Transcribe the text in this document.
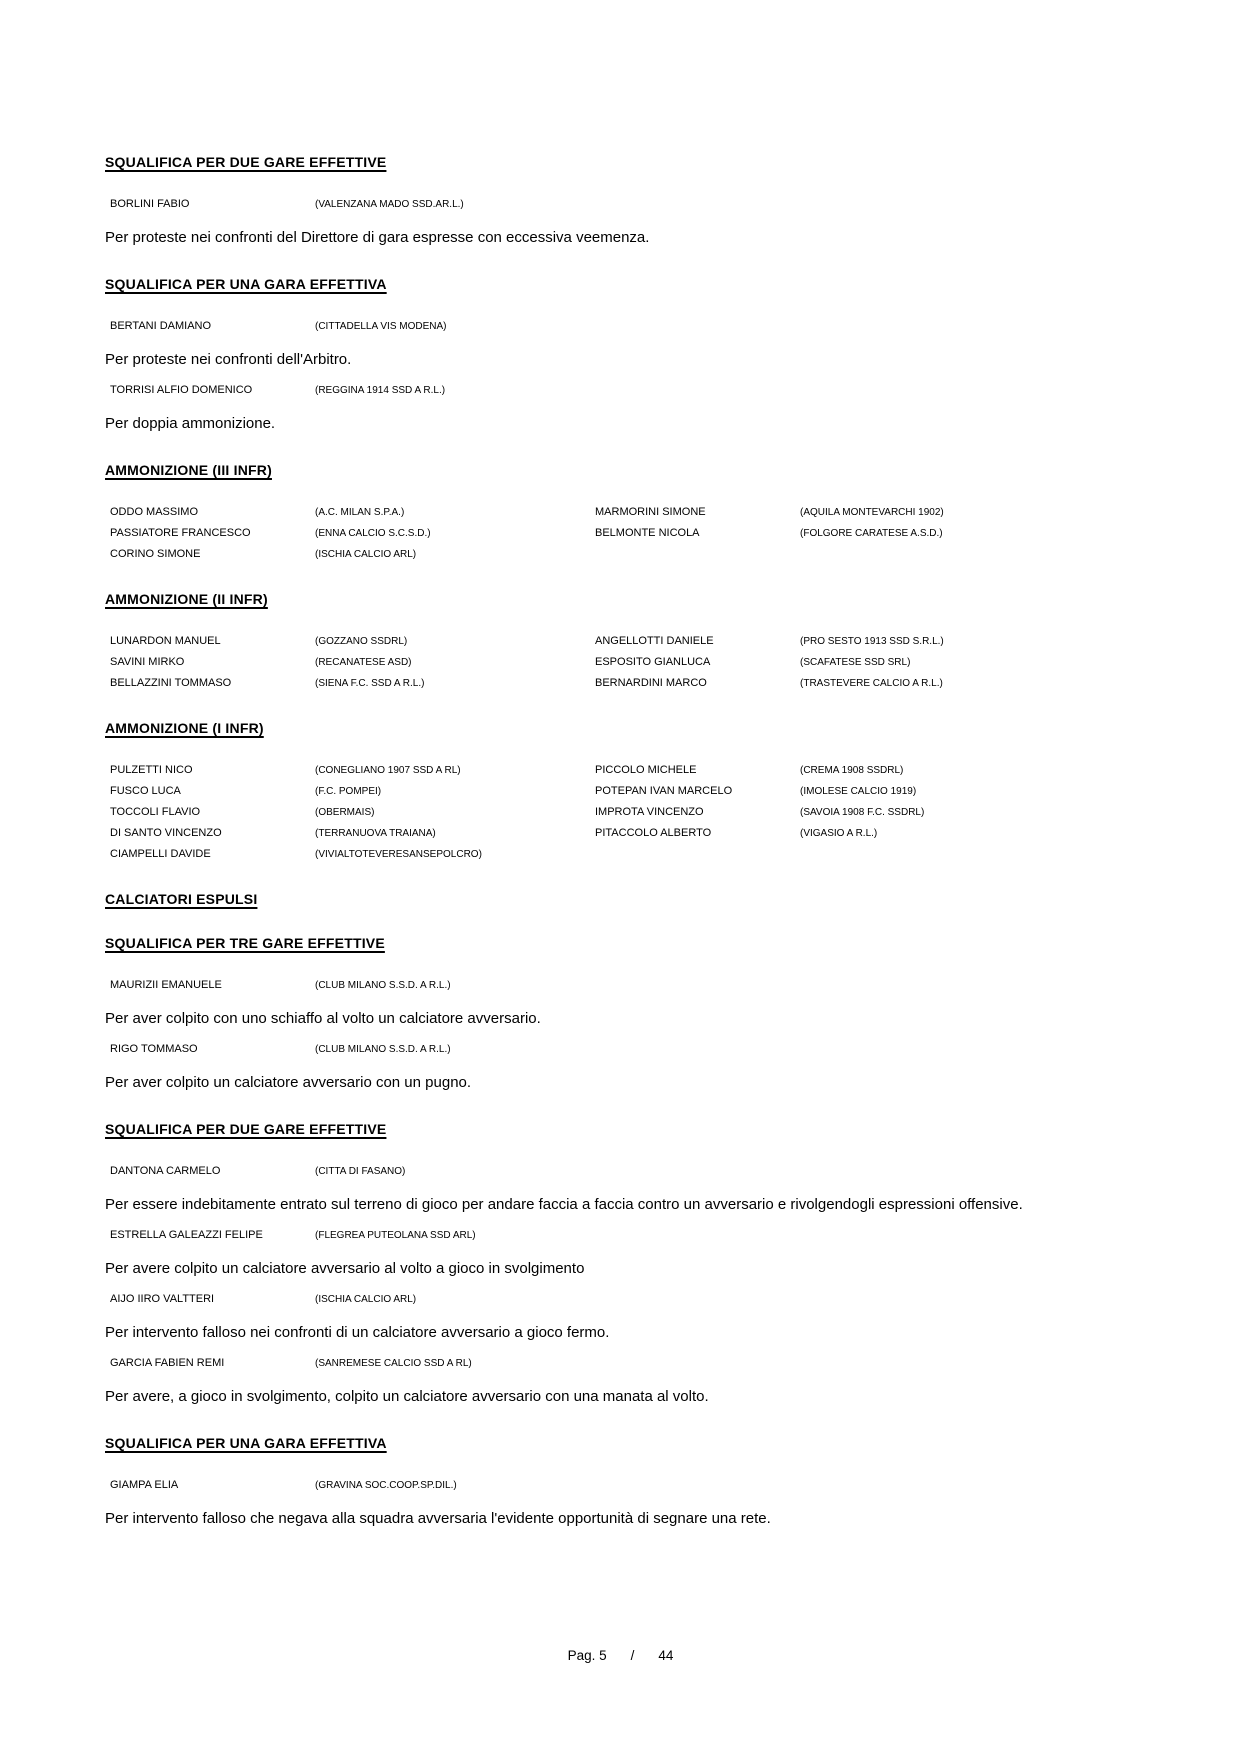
SQUALIFICA PER DUE GARE EFFETTIVE
BORLINI FABIO	(VALENZANA MADO SSD.AR.L.)

Per proteste nei confronti del Direttore di gara espresse con eccessiva veemenza.

SQUALIFICA PER UNA GARA EFFETTIVA
BERTANI DAMIANO	(CITTADELLA VIS MODENA)

Per proteste nei confronti dell'Arbitro.

TORRISI ALFIO DOMENICO	(REGGINA 1914 SSD A R.L.)

Per doppia ammonizione.

AMMONIZIONE (III INFR)
ODDO MASSIMO	(A.C. MILAN S.P.A.)	MARMORINI SIMONE	(AQUILA MONTEVARCHI 1902)
PASSIATORE FRANCESCO	(ENNA CALCIO S.C.S.D.)	BELMONTE NICOLA	(FOLGORE CARATESE A.S.D.)
CORINO SIMONE	(ISCHIA CALCIO ARL)
AMMONIZIONE (II INFR)
LUNARDON MANUEL	(GOZZANO SSDRL)	ANGELLOTTI DANIELE	(PRO SESTO 1913 SSD S.R.L.)
SAVINI MIRKO	(RECANATESE ASD)	ESPOSITO GIANLUCA	(SCAFATESE SSD SRL)
BELLAZZINI TOMMASO	(SIENA F.C. SSD A R.L.)	BERNARDINI MARCO	(TRASTEVERE CALCIO A R.L.)
AMMONIZIONE (I INFR)
PULZETTI NICO	(CONEGLIANO 1907 SSD A RL)	PICCOLO MICHELE	(CREMA 1908 SSDRL)
FUSCO LUCA	(F.C. POMPEI)	POTEPAN IVAN MARCELO	(IMOLESE CALCIO 1919)
TOCCOLI FLAVIO	(OBERMAIS)	IMPROTA VINCENZO	(SAVOIA 1908 F.C. SSDRL)
DI SANTO VINCENZO	(TERRANUOVA TRAIANA)	PITACCOLO ALBERTO	(VIGASIO A R.L.)
CIAMPELLI DAVIDE	(VIVIALTOTEVERESANSEPOLCRO)
CALCIATORI ESPULSI
SQUALIFICA PER TRE GARE EFFETTIVE
MAURIZII EMANUELE	(CLUB MILANO S.S.D. A R.L.)

Per aver colpito con uno schiaffo al volto un calciatore avversario.

RIGO TOMMASO	(CLUB MILANO S.S.D. A R.L.)

Per aver colpito un calciatore avversario con un pugno.

SQUALIFICA PER DUE GARE EFFETTIVE
DANTONA CARMELO	(CITTA DI FASANO)

Per essere indebitamente entrato sul terreno di gioco per andare faccia a faccia contro un avversario e rivolgendogli espressioni offensive.

ESTRELLA GALEAZZI FELIPE	(FLEGREA PUTEOLANA SSD ARL)

Per avere colpito un calciatore avversario al volto a gioco in svolgimento

AIJO IIRO VALTTERI	(ISCHIA CALCIO ARL)

Per intervento falloso nei confronti di un calciatore avversario a gioco fermo.

GARCIA FABIEN REMI	(SANREMESE CALCIO SSD A RL)

Per avere, a gioco in svolgimento, colpito un calciatore avversario con una manata al volto.

SQUALIFICA PER UNA GARA EFFETTIVA
GIAMPA ELIA	(GRAVINA SOC.COOP.SP.DIL.)

Per intervento falloso che negava alla squadra avversaria l'evidente opportunità di segnare una rete.

Pag. 5 / 44
